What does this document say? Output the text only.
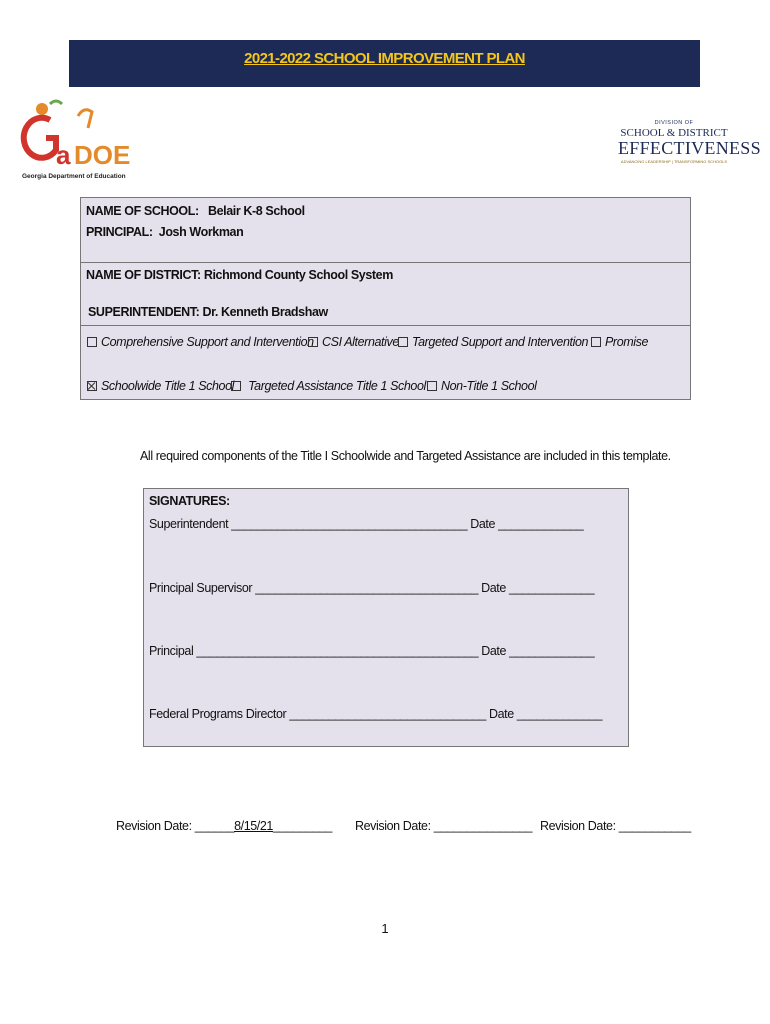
2021-2022 SCHOOL IMPROVEMENT PLAN
a DOE
Georgia Department of Education
DIVISION OF
SCHOOL & DISTRICT
EFFECTIVENESS
ADVANCING LEADERSHIP | TRANSFORMING SCHOOLS
NAME OF SCHOOL: Belair K-8 School
PRINCIPAL: Josh Workman
NAME OF DISTRICT: Richmond County School System
SUPERINTENDENT: Dr. Kenneth Bradshaw
Comprehensive Support and Intervention CSI Alternative	Targeted Support and Intervention	Promise
Schoolwide Title 1 School	Targeted Assistance Title 1 School	Non-Title 1 School
All required components of the Title I Schoolwide and Targeted Assistance are included in this template.
SIGNATURES:
Superintendent ____________________________________ Date _____________
Principal Supervisor __________________________________ Date _____________
Principal ___________________________________________ Date _____________
Federal Programs Director ______________________________ Date _____________
Revision Date: ______8/15/21_________ Revision Date: _______________ Revision Date: ___________
1
